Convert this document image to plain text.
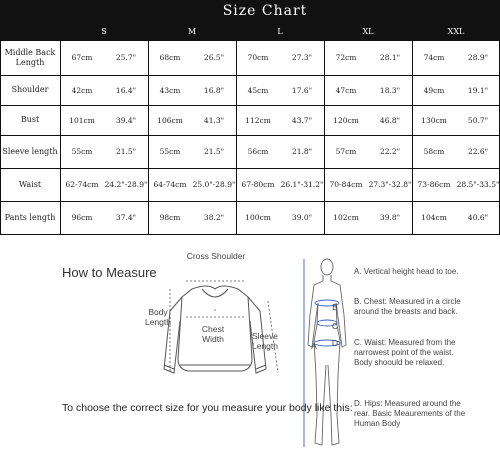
Size Chart
S	M	L	XL	XXL
Middle Back Length	67cm	25.7"	68cm	26.5"	70cm	27.3"	72cm	28.1"	74cm	28.9"
Shoulder	42cm	16.4"	43cm	16.8"	45cm	17.6"	47cm	18.3"	49cm	19.1"
Bust	101cm	39.4"	106cm	41.3"	112cm	43.7"	120cm	46.8"	130cm	50.7"
Sleeve length	55cm	21.5"	55cm	21.5"	56cm	21.8"	57cm	22.2"	58cm	22.6"
Waist	62-74cm 24.2"-28.9" 64-74cm 25.0"-28.9" 67-80cm 26.1"-31.2" 70-84cm 27.3"-32.8" 73-86cm 28.5"-33.5"
Pants length	96cm	37.4"	98cm	38.2"	100cm	39.0"	102cm	39.8"	104cm	40.6"
How to Measure
Cross Shoulder
Body Length
Chest Width	Sleeve Length
B
C
D
A
A. Vertical height head to toe.
B. Chest: Measured in a circle around the breasts and back.
C. Waist: Measured from the narrowest point of the waist. Body shoould be relaxed.
D. Hips: Measured around the rear. Basic Meaurements of the Human Body
To choose the correct size for you measure your body like this:
